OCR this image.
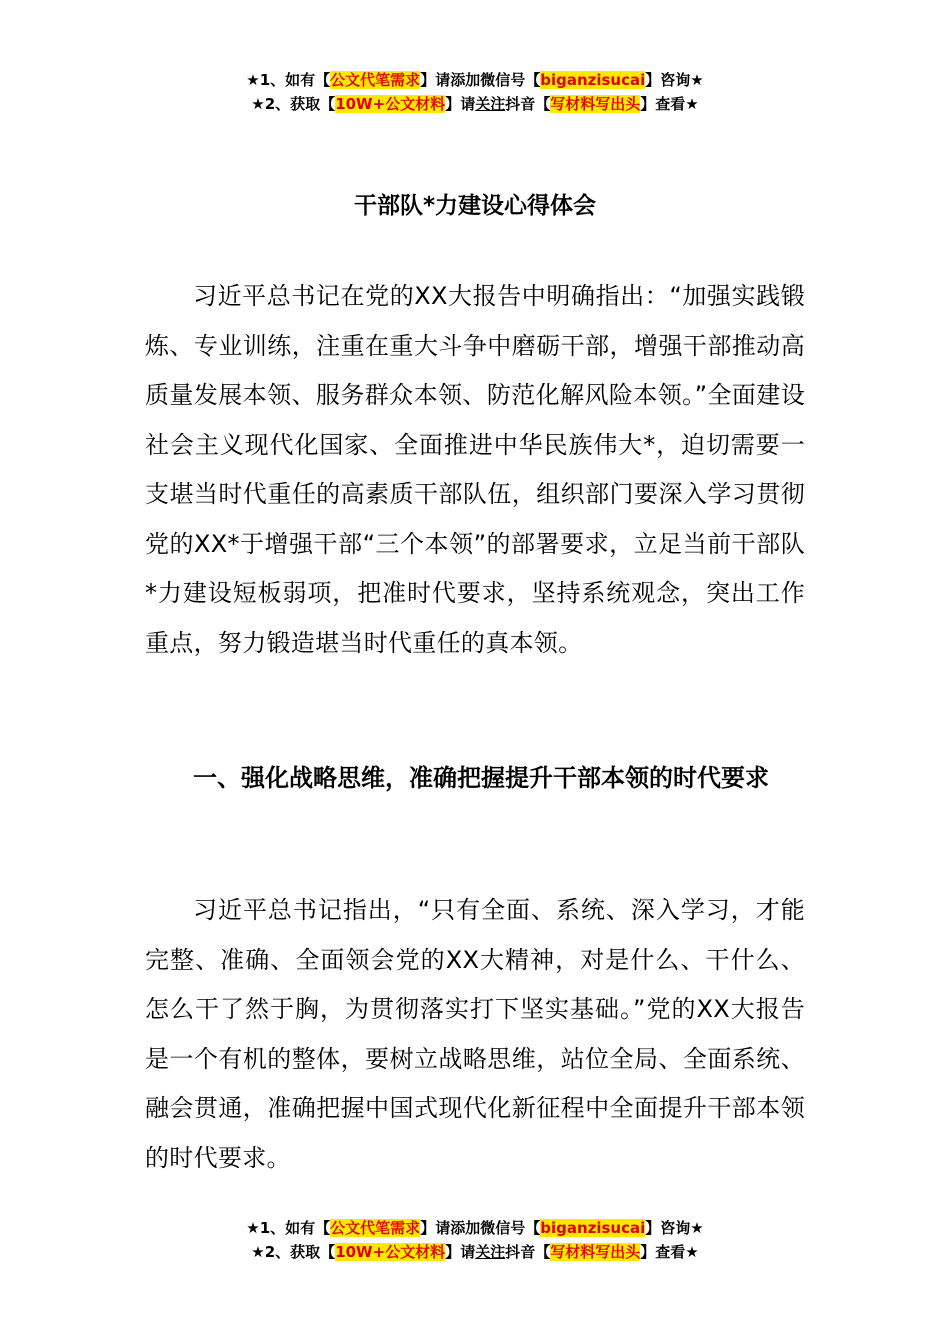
★1、如有【公文代笔需求】请添加微信号【biganzisucai】咨询★
★2、获取【10W+公文材料】请关注抖音【写材料写出头】查看★
干部队*力建设心得体会

习近平总书记在党的XX大报告中明确指出：“加强实践锻炼、专业训练，注重在重大斗争中磨砺干部，增强干部推动高质量发展本领、服务群众本领、防范化解风险本领。”全面建设社会主义现代化国家、全面推进中华民族伟大*，迫切需要一支堪当时代重任的高素质干部队伍，组织部门要深入学习贯彻党的XX*于增强干部“三个本领”的部署要求，立足当前干部队*力建设短板弱项，把准时代要求，坚持系统观念，突出工作重点，努力锻造堪当时代重任的真本领。

一、强化战略思维，准确把握提升干部本领的时代要求

习近平总书记指出，“只有全面、系统、深入学习，才能完整、准确、全面领会党的XX大精神，对是什么、干什么、怎么干了然于胸，为贯彻落实打下坚实基础。”党的XX大报告是一个有机的整体，要树立战略思维，站位全局、全面系统、融会贯通，准确把握中国式现代化新征程中全面提升干部本领的时代要求。

★1、如有【公文代笔需求】请添加微信号【biganzisucai】咨询★
★2、获取【10W+公文材料】请关注抖音【写材料写出头】查看★
